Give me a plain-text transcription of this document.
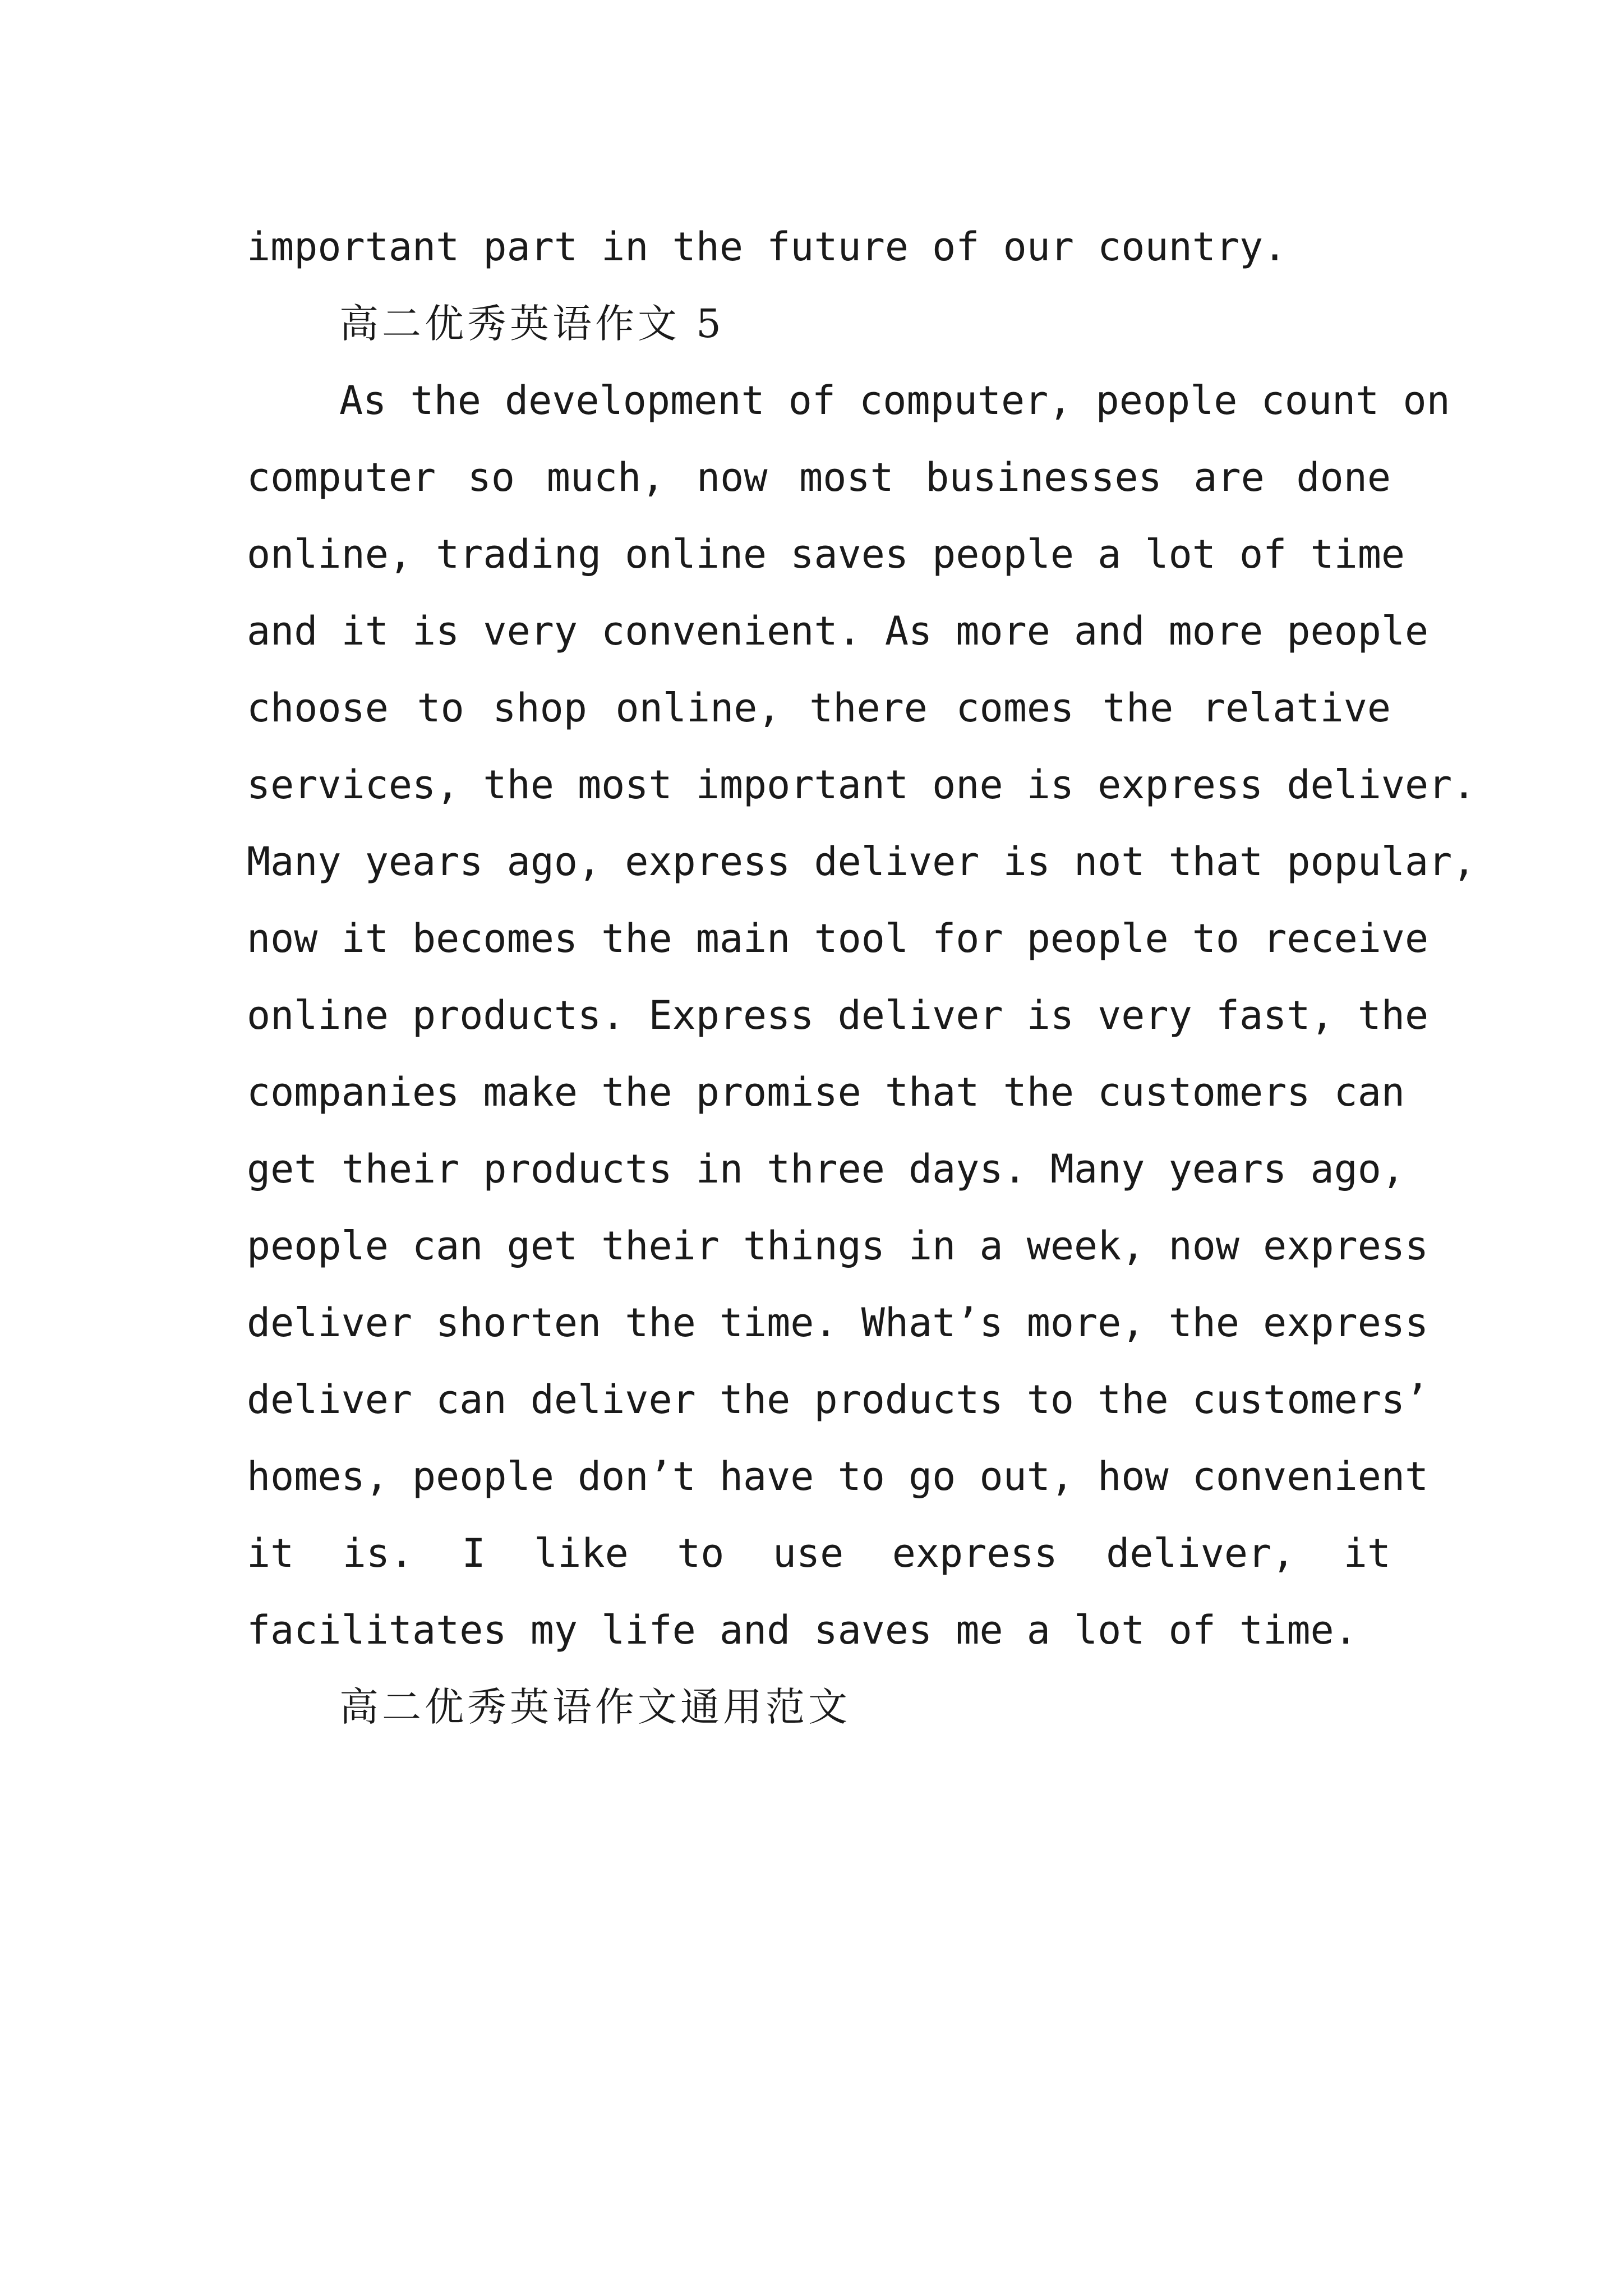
important part in the future of our country.
高二优秀英语作文 5
As the development of computer, people count on
computer so much, now most businesses are done
online, trading online saves people a lot of time
and it is very convenient. As more and more people
choose to shop online, there comes the relative
services, the most important one is express deliver.
Many years ago, express deliver is not that popular,
now it becomes the main tool for people to receive
online products. Express deliver is very fast, the
companies make the promise that the customers can
get their products in three days. Many years ago,
people can get their things in a week, now express
deliver shorten the time. What’s more, the express
deliver can deliver the products to the customers’
homes, people don’t have to go out, how convenient
it is. I like to use express deliver, it
facilitates my life and saves me a lot of time.
高二优秀英语作文通用范文
